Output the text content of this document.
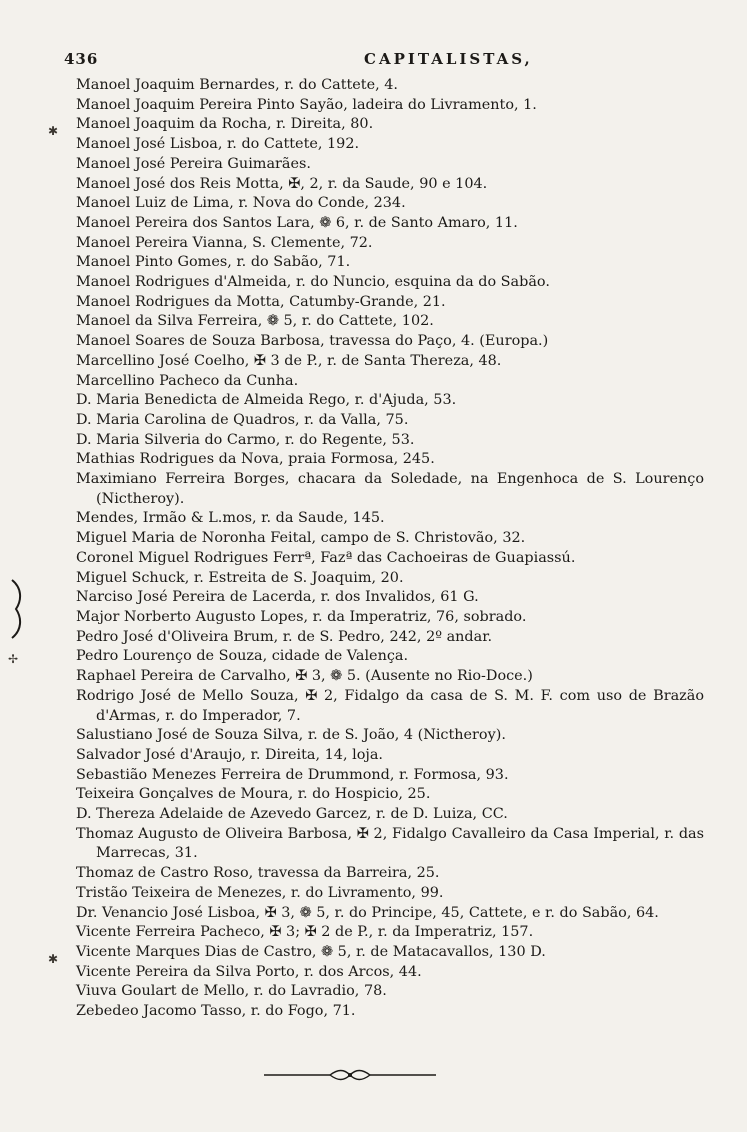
436	CAPITALISTAS,
✱
✢
✱
Manoel Joaquim Bernardes, r. do Cattete, 4.
Manoel Joaquim Pereira Pinto Sayão, ladeira do Livramento, 1.
Manoel Joaquim da Rocha, r. Direita, 80.
Manoel José Lisboa, r. do Cattete, 192.
Manoel José Pereira Guimarães.
Manoel José dos Reis Motta, ✠, 2, r. da Saude, 90 e 104.
Manoel Luiz de Lima, r. Nova do Conde, 234.
Manoel Pereira dos Santos Lara, ❁ 6, r. de Santo Amaro, 11.
Manoel Pereira Vianna, S. Clemente, 72.
Manoel Pinto Gomes, r. do Sabão, 71.
Manoel Rodrigues d'Almeida, r. do Nuncio, esquina da do Sabão.
Manoel Rodrigues da Motta, Catumby-Grande, 21.
Manoel da Silva Ferreira, ❁ 5, r. do Cattete, 102.
Manoel Soares de Souza Barbosa, travessa do Paço, 4. (Europa.)
Marcellino José Coelho, ✠ 3 de P., r. de Santa Thereza, 48.
Marcellino Pacheco da Cunha.
D. Maria Benedicta de Almeida Rego, r. d'Ajuda, 53.
D. Maria Carolina de Quadros, r. da Valla, 75.
D. Maria Silveria do Carmo, r. do Regente, 53.
Mathias Rodrigues da Nova, praia Formosa, 245.
Maximiano Ferreira Borges, chacara da Soledade, na Engenhoca de S. Lourenço (Nictheroy).
Mendes, Irmão & L.mos, r. da Saude, 145.
Miguel Maria de Noronha Feital, campo de S. Christovão, 32.
Coronel Miguel Rodrigues Ferrª, Fazª das Cachoeiras de Guapiassú.
Miguel Schuck, r. Estreita de S. Joaquim, 20.
Narciso José Pereira de Lacerda, r. dos Invalidos, 61 G.
Major Norberto Augusto Lopes, r. da Imperatriz, 76, sobrado.
Pedro José d'Oliveira Brum, r. de S. Pedro, 242, 2º andar.
Pedro Lourenço de Souza, cidade de Valença.
Raphael Pereira de Carvalho, ✠ 3, ❁ 5. (Ausente no Rio-Doce.)
Rodrigo José de Mello Souza, ✠ 2, Fidalgo da casa de S. M. F. com uso de Brazão d'Armas, r. do Imperador, 7.
Salustiano José de Souza Silva, r. de S. João, 4 (Nictheroy).
Salvador José d'Araujo, r. Direita, 14, loja.
Sebastião Menezes Ferreira de Drummond, r. Formosa, 93.
Teixeira Gonçalves de Moura, r. do Hospicio, 25.
D. Thereza Adelaide de Azevedo Garcez, r. de D. Luiza, CC.
Thomaz Augusto de Oliveira Barbosa, ✠ 2, Fidalgo Cavalleiro da Casa Imperial, r. das Marrecas, 31.
Thomaz de Castro Roso, travessa da Barreira, 25.
Tristão Teixeira de Menezes, r. do Livramento, 99.
Dr. Venancio José Lisboa, ✠ 3, ❁ 5, r. do Principe, 45, Cattete, e r. do Sabão, 64.
Vicente Ferreira Pacheco, ✠ 3; ✠ 2 de P., r. da Imperatriz, 157.
Vicente Marques Dias de Castro, ❁ 5, r. de Matacavallos, 130 D.
Vicente Pereira da Silva Porto, r. dos Arcos, 44.
Viuva Goulart de Mello, r. do Lavradio, 78.
Zebedeo Jacomo Tasso, r. do Fogo, 71.
